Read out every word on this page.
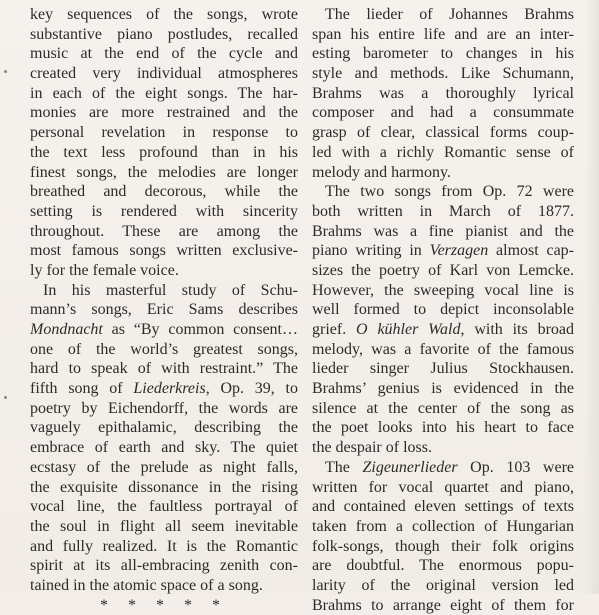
key sequences of the songs, wrote
substantive piano postludes, recalled
music at the end of the cycle and
created very individual atmospheres
in each of the eight songs. The har-
monies are more restrained and the
personal revelation in response to
the text less profound than in his
finest songs, the melodies are longer
breathed and decorous, while the
setting is rendered with sincerity
throughout. These are among the
most famous songs written exclusive-
ly for the female voice.
In his masterful study of Schu-
mann’s songs, Eric Sams describes
Mondnacht as “By common consent…
one of the world’s greatest songs,
hard to speak of with restraint.” The
fifth song of Liederkreis, Op. 39, to
poetry by Eichendorff, the words are
vaguely epithalamic, describing the
embrace of earth and sky. The quiet
ecstasy of the prelude as night falls,
the exquisite dissonance in the rising
vocal line, the faultless portrayal of
the soul in flight all seem inevitable
and fully realized. It is the Romantic
spirit at its all-embracing zenith con-
tained in the atomic space of a song.
* * * * *
The lieder of Johannes Brahms
span his entire life and are an inter-
esting barometer to changes in his
style and methods. Like Schumann,
Brahms was a thoroughly lyrical
composer and had a consummate
grasp of clear, classical forms coup-
led with a richly Romantic sense of
melody and harmony.
The two songs from Op. 72 were
both written in March of 1877.
Brahms was a fine pianist and the
piano writing in Verzagen almost cap-
sizes the poetry of Karl von Lemcke.
However, the sweeping vocal line is
well formed to depict inconsolable
grief. O kühler Wald, with its broad
melody, was a favorite of the famous
lieder singer Julius Stockhausen.
Brahms’ genius is evidenced in the
silence at the center of the song as
the poet looks into his heart to face
the despair of loss.
The Zigeunerlieder Op. 103 were
written for vocal quartet and piano,
and contained eleven settings of texts
taken from a collection of Hungarian
folk-songs, though their folk origins
are doubtful. The enormous popu-
larity of the original version led
Brahms to arrange eight of them for
